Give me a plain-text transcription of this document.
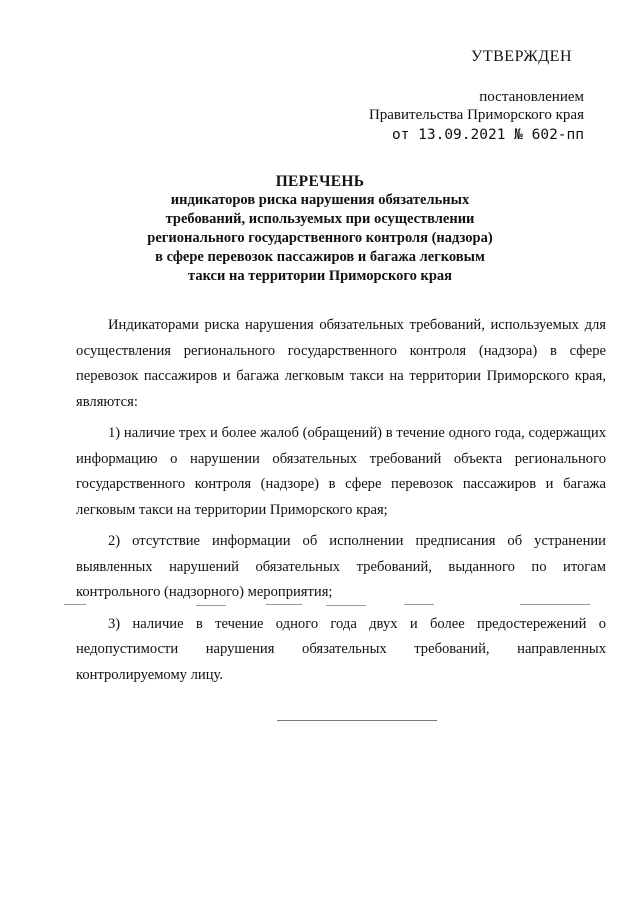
УТВЕРЖДЕН
постановлением
Правительства Приморского края
от 13.09.2021 № 602-пп
ПЕРЕЧЕНЬ
индикаторов риска нарушения обязательных
требований, используемых при осуществлении
регионального государственного контроля (надзора)
в сфере перевозок пассажиров и багажа легковым
такси на территории Приморского края

Индикаторами риска нарушения обязательных требований, используемых для осуществления регионального государственного контроля (надзора) в сфере перевозок пассажиров и багажа легковым такси на территории Приморского края, являются:

1) наличие трех и более жалоб (обращений) в течение одного года, содержащих информацию о нарушении обязательных требований объекта регионального государственного контроля (надзоре) в сфере перевозок пассажиров и багажа легковым такси на территории Приморского края;

2) отсутствие информации об исполнении предписания об устранении выявленных нарушений обязательных требований, выданного по итогам контрольного (надзорного) мероприятия;

3) наличие в течение одного года двух и более предостережений о недопустимости нарушения обязательных требований, направленных контролируемому лицу.
